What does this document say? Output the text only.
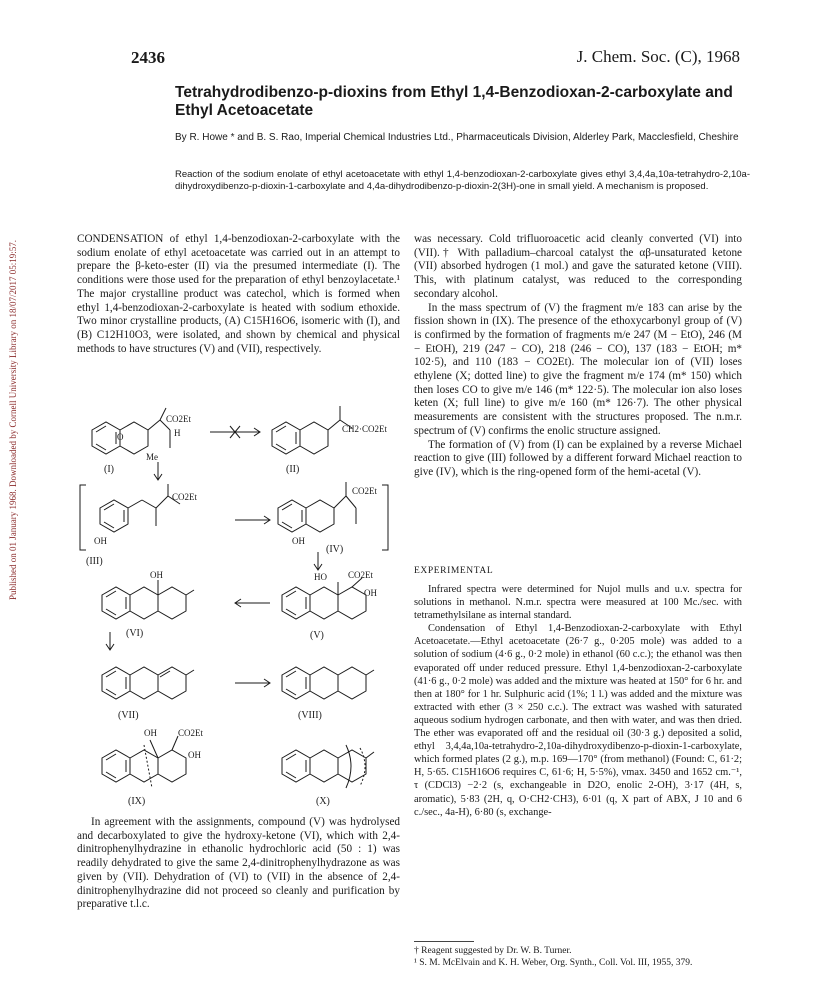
Published on 01 January 1968. Downloaded by Cornell University Library on 18/07/2017 05:19:57.
2436	J. Chem. Soc. (C), 1968
Tetrahydrodibenzo-p-dioxins from Ethyl 1,4-Benzodioxan-2-carboxylate and Ethyl Acetoacetate
By R. Howe * and B. S. Rao, Imperial Chemical Industries Ltd., Pharmaceuticals Division, Alderley Park, Macclesfield, Cheshire
Reaction of the sodium enolate of ethyl acetoacetate with ethyl 1,4-benzodioxan-2-carboxylate gives ethyl 3,4,4a,10a-tetrahydro-2,10a-dihydroxydibenzo-p-dioxin-1-carboxylate and 4,4a-dihydrodibenzo-p-dioxin-2(3H)-one in small yield. A mechanism is proposed.

CONDENSATION of ethyl 1,4-benzodioxan-2-carboxylate with the sodium enolate of ethyl acetoacetate was carried out in an attempt to prepare the β-keto-ester (II) via the presumed intermediate (I). The conditions were those used for the preparation of ethyl benzoylacetate.¹ The major crystalline product was catechol, which is formed when ethyl 1,4-benzodioxan-2-carboxylate is heated with sodium ethoxide. Two minor crystalline products, (A) C15H16O6, isomeric with (I), and (B) C12H10O3, were isolated, and shown by chemical and physical methods to have structures (V) and (VII), respectively.

O
CO2Et
H
Me
CH2·CO2Et
OH
CO2Et
OH
CO2Et
OH	HO CO2Et
OH
OH CO2Et
OH
(I)	(II)
(III)
(IV)
(VI)	(V)
(VII)	(VIII)
(IX)	(X)

In agreement with the assignments, compound (V) was hydrolysed and decarboxylated to give the hydroxy-ketone (VI), which with 2,4-dinitrophenylhydrazine in ethanolic hydrochloric acid (50 : 1) was readily dehydrated to give the same 2,4-dinitrophenylhydrazone as was given by (VII). Dehydration of (VI) to (VII) in the absence of 2,4-dinitrophenylhydrazine did not proceed so cleanly and purification by preparative t.l.c.

was necessary. Cold trifluoroacetic acid cleanly converted (VI) into (VII).† With palladium–charcoal catalyst the αβ-unsaturated ketone (VII) absorbed hydrogen (1 mol.) and gave the saturated ketone (VIII). This, with platinum catalyst, was reduced to the corresponding secondary alcohol.

In the mass spectrum of (V) the fragment m/e 183 can arise by the fission shown in (IX). The presence of the ethoxycarbonyl group of (V) is confirmed by the formation of fragments m/e 247 (M − EtO), 246 (M − EtOH), 219 (247 − CO), 218 (246 − CO), 137 (183 − EtOH; m* 102·5), and 110 (183 − CO2Et). The molecular ion of (VII) loses ethylene (X; dotted line) to give the fragment m/e 174 (m* 150) which then loses CO to give m/e 146 (m* 122·5). The molecular ion also loses keten (X; full line) to give m/e 160 (m* 126·7). The other physical measurements are consistent with the structures proposed. The n.m.r. spectrum of (V) confirms the enolic structure assigned.

The formation of (V) from (I) can be explained by a reverse Michael reaction to give (III) followed by a different forward Michael reaction to give (IV), which is the ring-opened form of the hemi-acetal (V).

EXPERIMENTAL

Infrared spectra were determined for Nujol mulls and u.v. spectra for solutions in methanol. N.m.r. spectra were measured at 100 Mc./sec. with tetramethylsilane as internal standard.

Condensation of Ethyl 1,4-Benzodioxan-2-carboxylate with Ethyl Acetoacetate.—Ethyl acetoacetate (26·7 g., 0·205 mole) was added to a solution of sodium (4·6 g., 0·2 mole) in ethanol (60 c.c.); the ethanol was then evaporated off under reduced pressure. Ethyl 1,4-benzodioxan-2-carboxylate (41·6 g., 0·2 mole) was added and the mixture was heated at 150° for 6 hr. and then at 180° for 1 hr. Sulphuric acid (1%; 1 l.) was added and the mixture was extracted with ether (3 × 250 c.c.). The extract was washed with saturated aqueous sodium hydrogen carbonate, and then with water, and was then dried. The ether was evaporated off and the residual oil (30·3 g.) deposited a solid, ethyl 3,4,4a,10a-tetrahydro-2,10a-dihydroxydibenzo-p-dioxin-1-carboxylate, which formed plates (2 g.), m.p. 169—170° (from methanol) (Found: C, 61·2; H, 5·65. C15H16O6 requires C, 61·6; H, 5·5%), νmax. 3450 and 1652 cm.⁻¹, τ (CDCl3) −2·2 (s, exchangeable in D2O, enolic 2-OH), 3·17 (4H, s, aromatic), 5·83 (2H, q, O·CH2·CH3), 6·01 (q, X part of ABX, J 10 and 6 c./sec., 4a-H), 6·80 (s, exchange-

† Reagent suggested by Dr. W. B. Turner.

¹ S. M. McElvain and K. H. Weber, Org. Synth., Coll. Vol. III, 1955, 379.
